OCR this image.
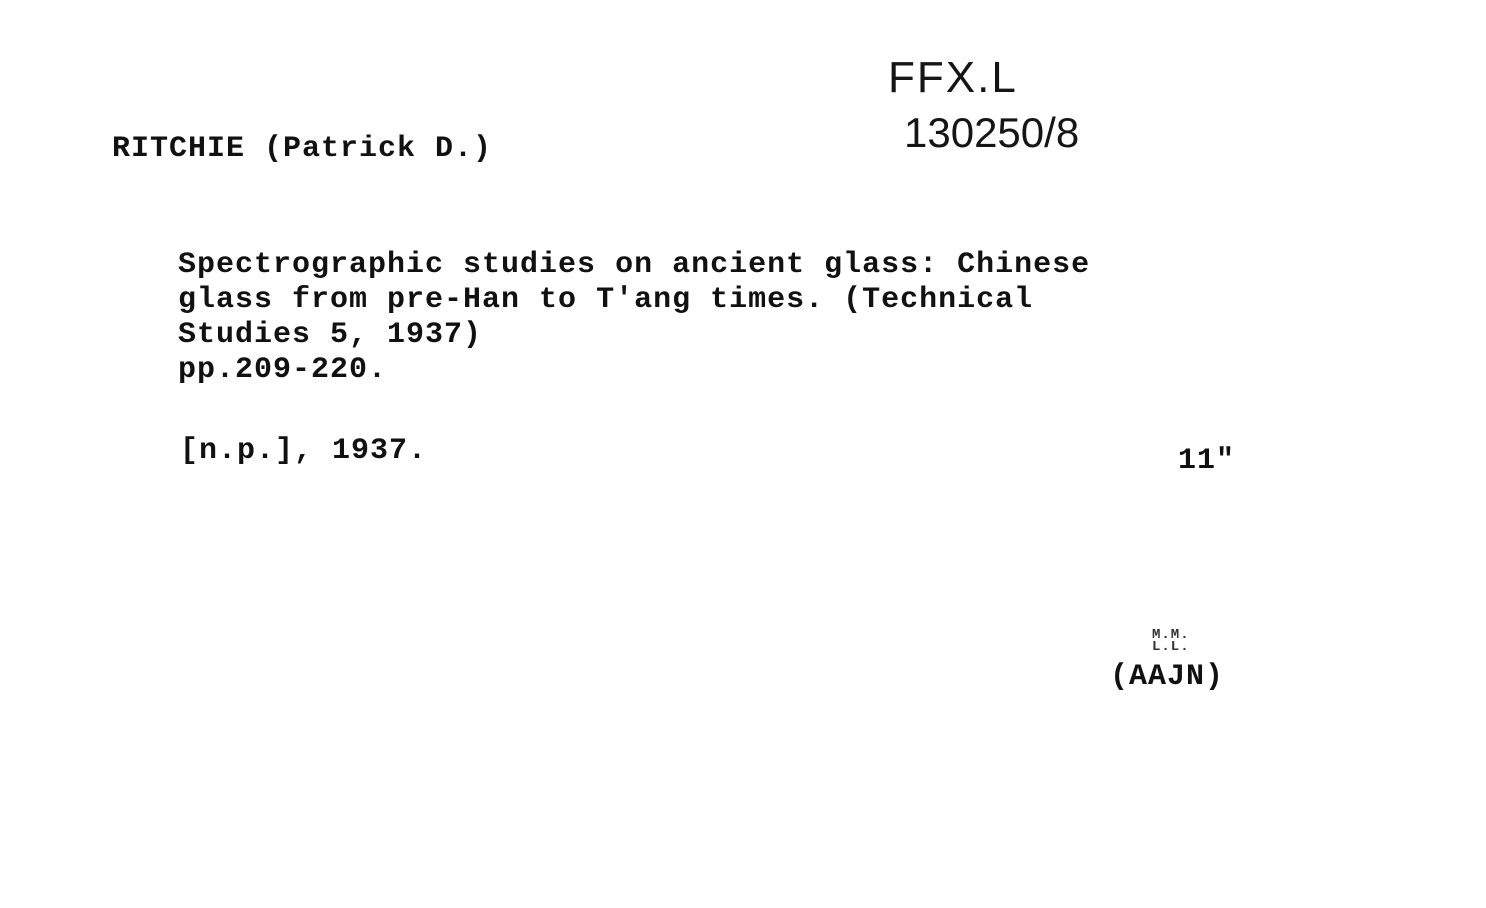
FFX.L
130250/8
RITCHIE (Patrick D.)
Spectrographic studies on ancient glass: Chinese
glass from pre-Han to T'ang times. (Technical
Studies 5, 1937)
pp.209-220.
[n.p.], 1937.	11"
M.M.
L.L.
(AAJN)
